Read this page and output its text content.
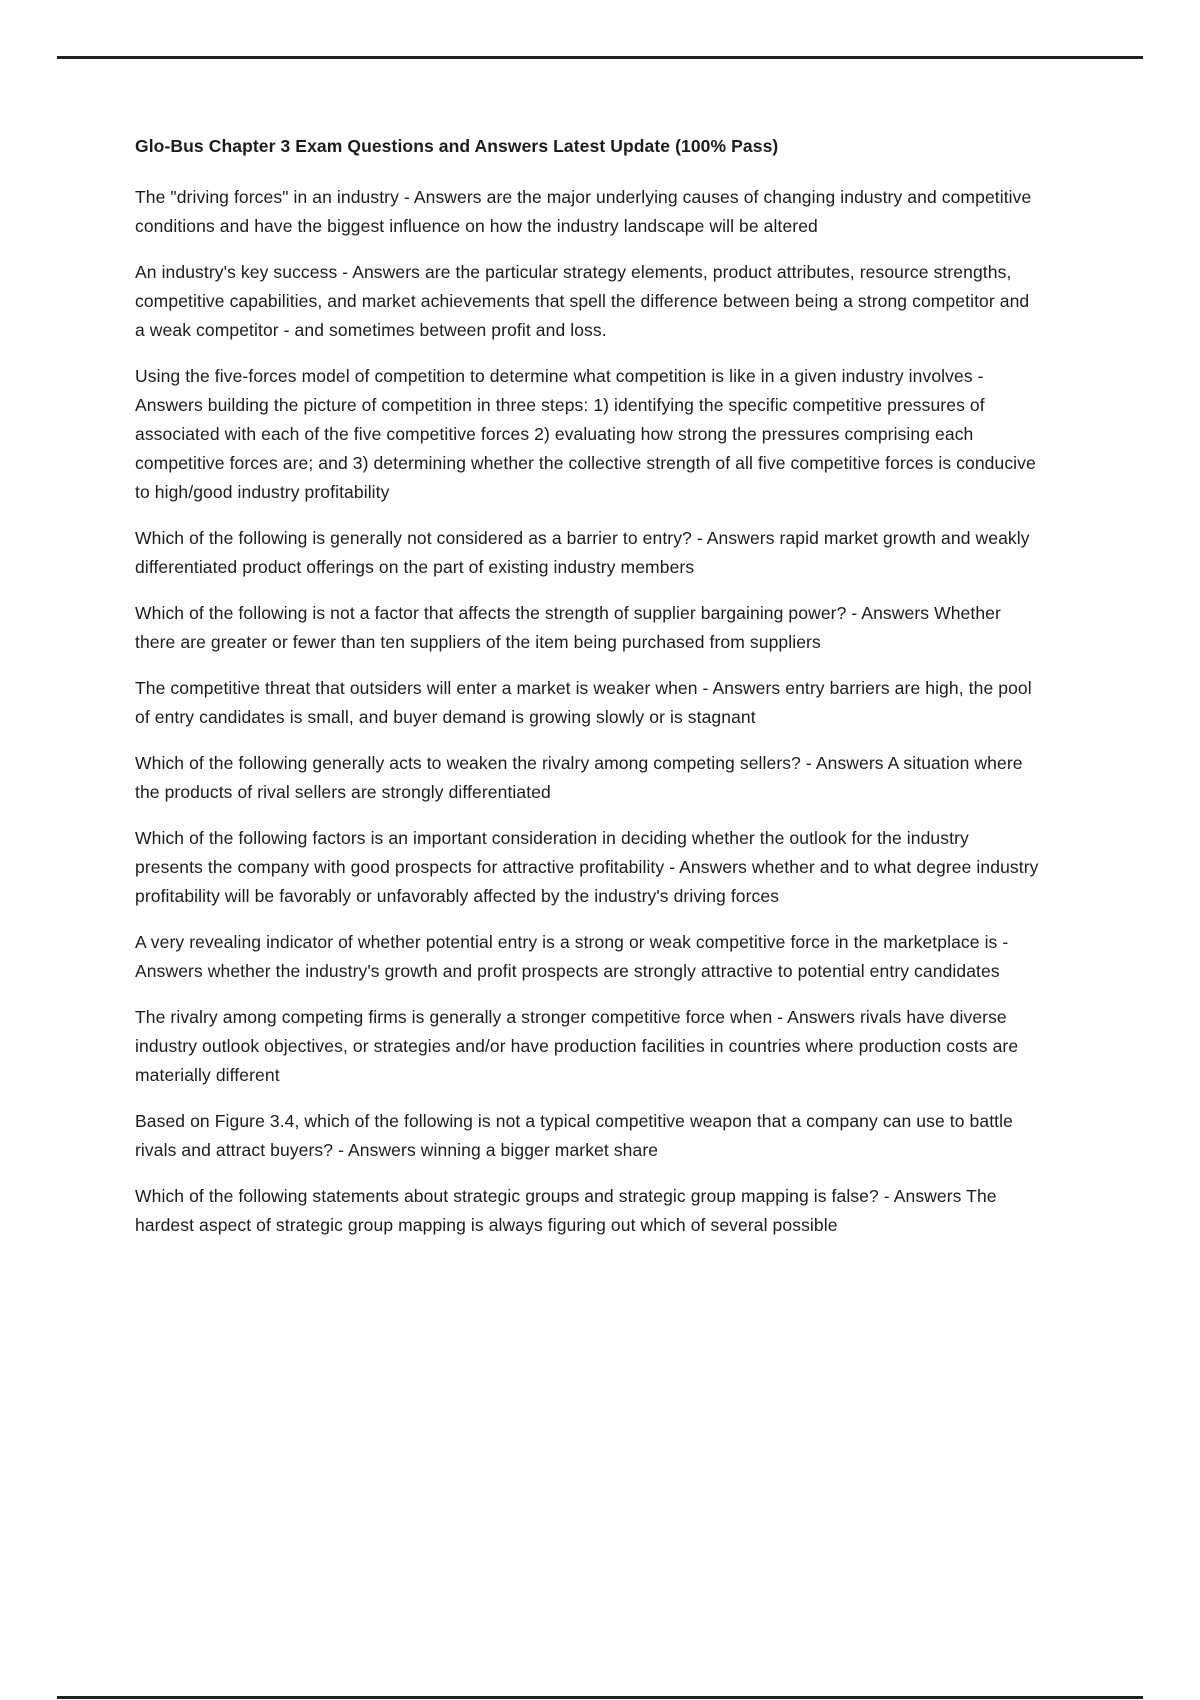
Glo-Bus Chapter 3 Exam Questions and Answers Latest Update (100% Pass)

The "driving forces" in an industry - Answers are the major underlying causes of changing industry and competitive conditions and have the biggest influence on how the industry landscape will be altered

An industry's key success - Answers are the particular strategy elements, product attributes, resource strengths, competitive capabilities, and market achievements that spell the difference between being a strong competitor and a weak competitor - and sometimes between profit and loss.

Using the five-forces model of competition to determine what competition is like in a given industry involves - Answers building the picture of competition in three steps: 1) identifying the specific competitive pressures of associated with each of the five competitive forces 2) evaluating how strong the pressures comprising each competitive forces are; and 3) determining whether the collective strength of all five competitive forces is conducive to high/good industry profitability

Which of the following is generally not considered as a barrier to entry? - Answers rapid market growth and weakly differentiated product offerings on the part of existing industry members

Which of the following is not a factor that affects the strength of supplier bargaining power? - Answers Whether there are greater or fewer than ten suppliers of the item being purchased from suppliers

The competitive threat that outsiders will enter a market is weaker when - Answers entry barriers are high, the pool of entry candidates is small, and buyer demand is growing slowly or is stagnant

Which of the following generally acts to weaken the rivalry among competing sellers? - Answers A situation where the products of rival sellers are strongly differentiated

Which of the following factors is an important consideration in deciding whether the outlook for the industry presents the company with good prospects for attractive profitability - Answers whether and to what degree industry profitability will be favorably or unfavorably affected by the industry's driving forces

A very revealing indicator of whether potential entry is a strong or weak competitive force in the marketplace is - Answers whether the industry's growth and profit prospects are strongly attractive to potential entry candidates

The rivalry among competing firms is generally a stronger competitive force when - Answers rivals have diverse industry outlook objectives, or strategies and/or have production facilities in countries where production costs are materially different

Based on Figure 3.4, which of the following is not a typical competitive weapon that a company can use to battle rivals and attract buyers? - Answers winning a bigger market share

Which of the following statements about strategic groups and strategic group mapping is false? - Answers The hardest aspect of strategic group mapping is always figuring out which of several possible
